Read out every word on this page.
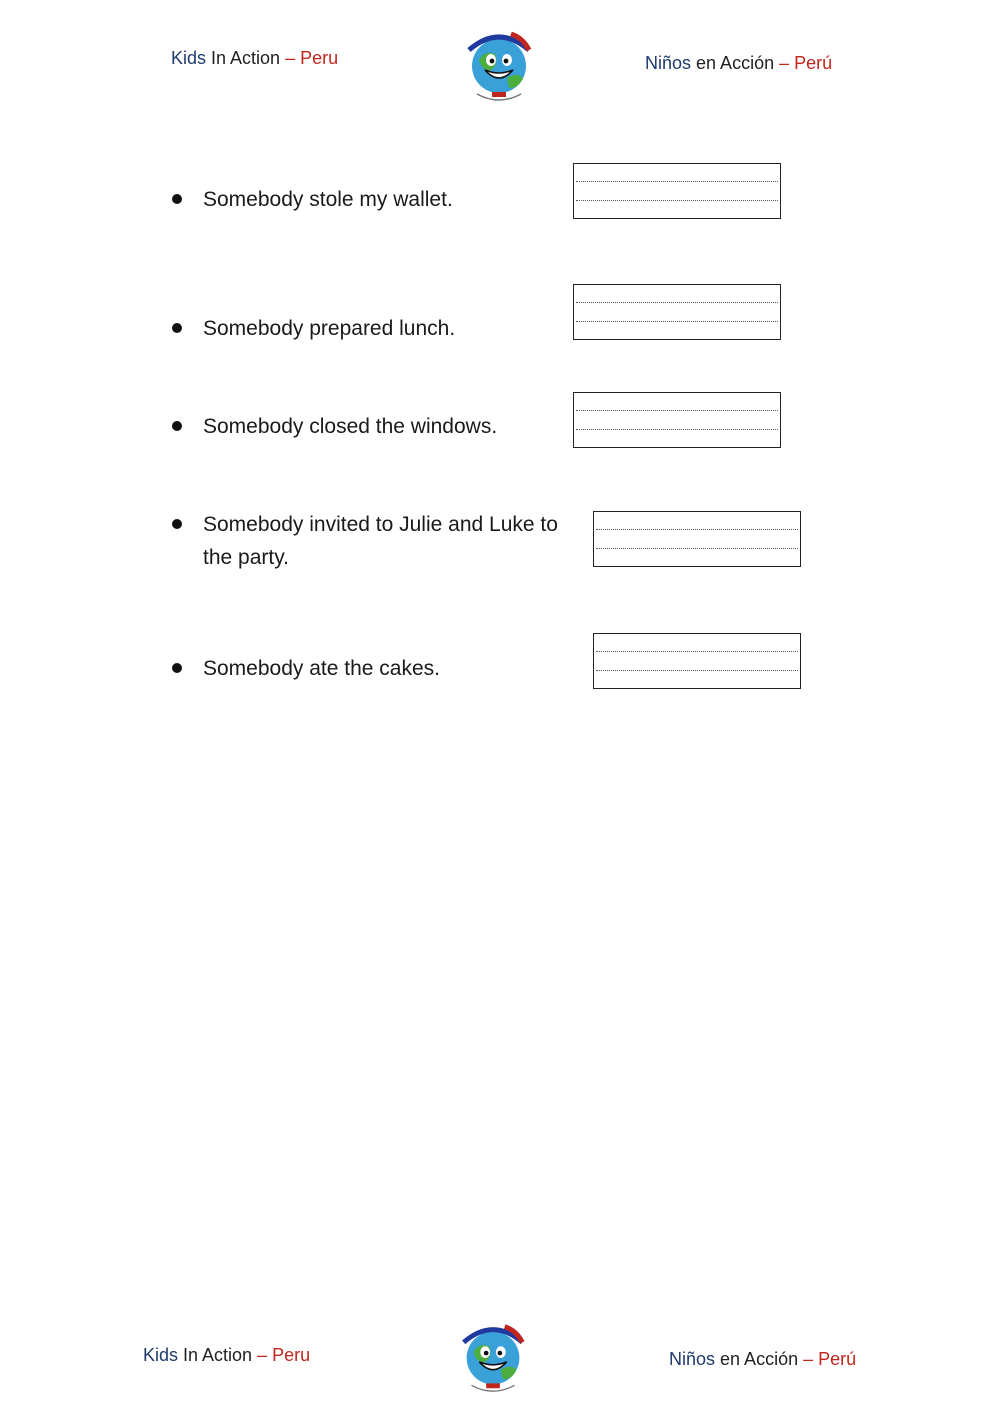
Kids In Action – Peru	Niños en Acción – Perú
Somebody stole my wallet.
Somebody prepared lunch.
Somebody closed the windows.
Somebody invited to Julie and Luke to the party.
Somebody ate the cakes.
Kids In Action – Peru	Niños en Acción – Perú
